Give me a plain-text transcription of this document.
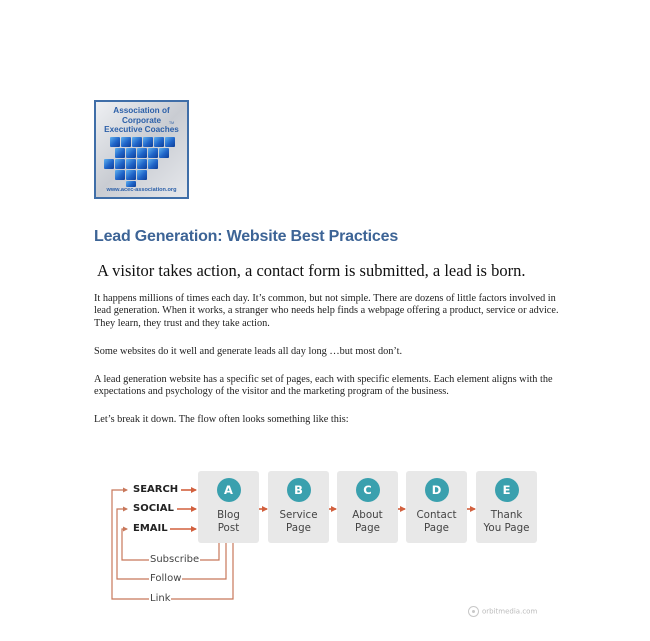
Association of
Corporate
Executive Coaches
TM
www.acec-association.org
Lead Generation: Website Best Practices
A visitor takes action, a contact form is submitted, a lead is born.
It happens millions of times each day. It’s common, but not simple. There are dozens of little factors involved in lead generation. When it works, a stranger who needs help finds a webpage offering a product, service or advice. They learn, they trust and they take action.
Some websites do it well and generate leads all day long …but most don’t.
A lead generation website has a specific set of pages, each with specific elements. Each element aligns with the expectations and psychology of the visitor and the marketing program of the business.
Let’s break it down. The flow often looks something like this:
SEARCH
SOCIAL
EMAIL
Subscribe
Follow
Link
A
Blog
Post
B
Service
Page
C
About
Page
D
Contact
Page
E
Thank
You Page
orbitmedia.com
